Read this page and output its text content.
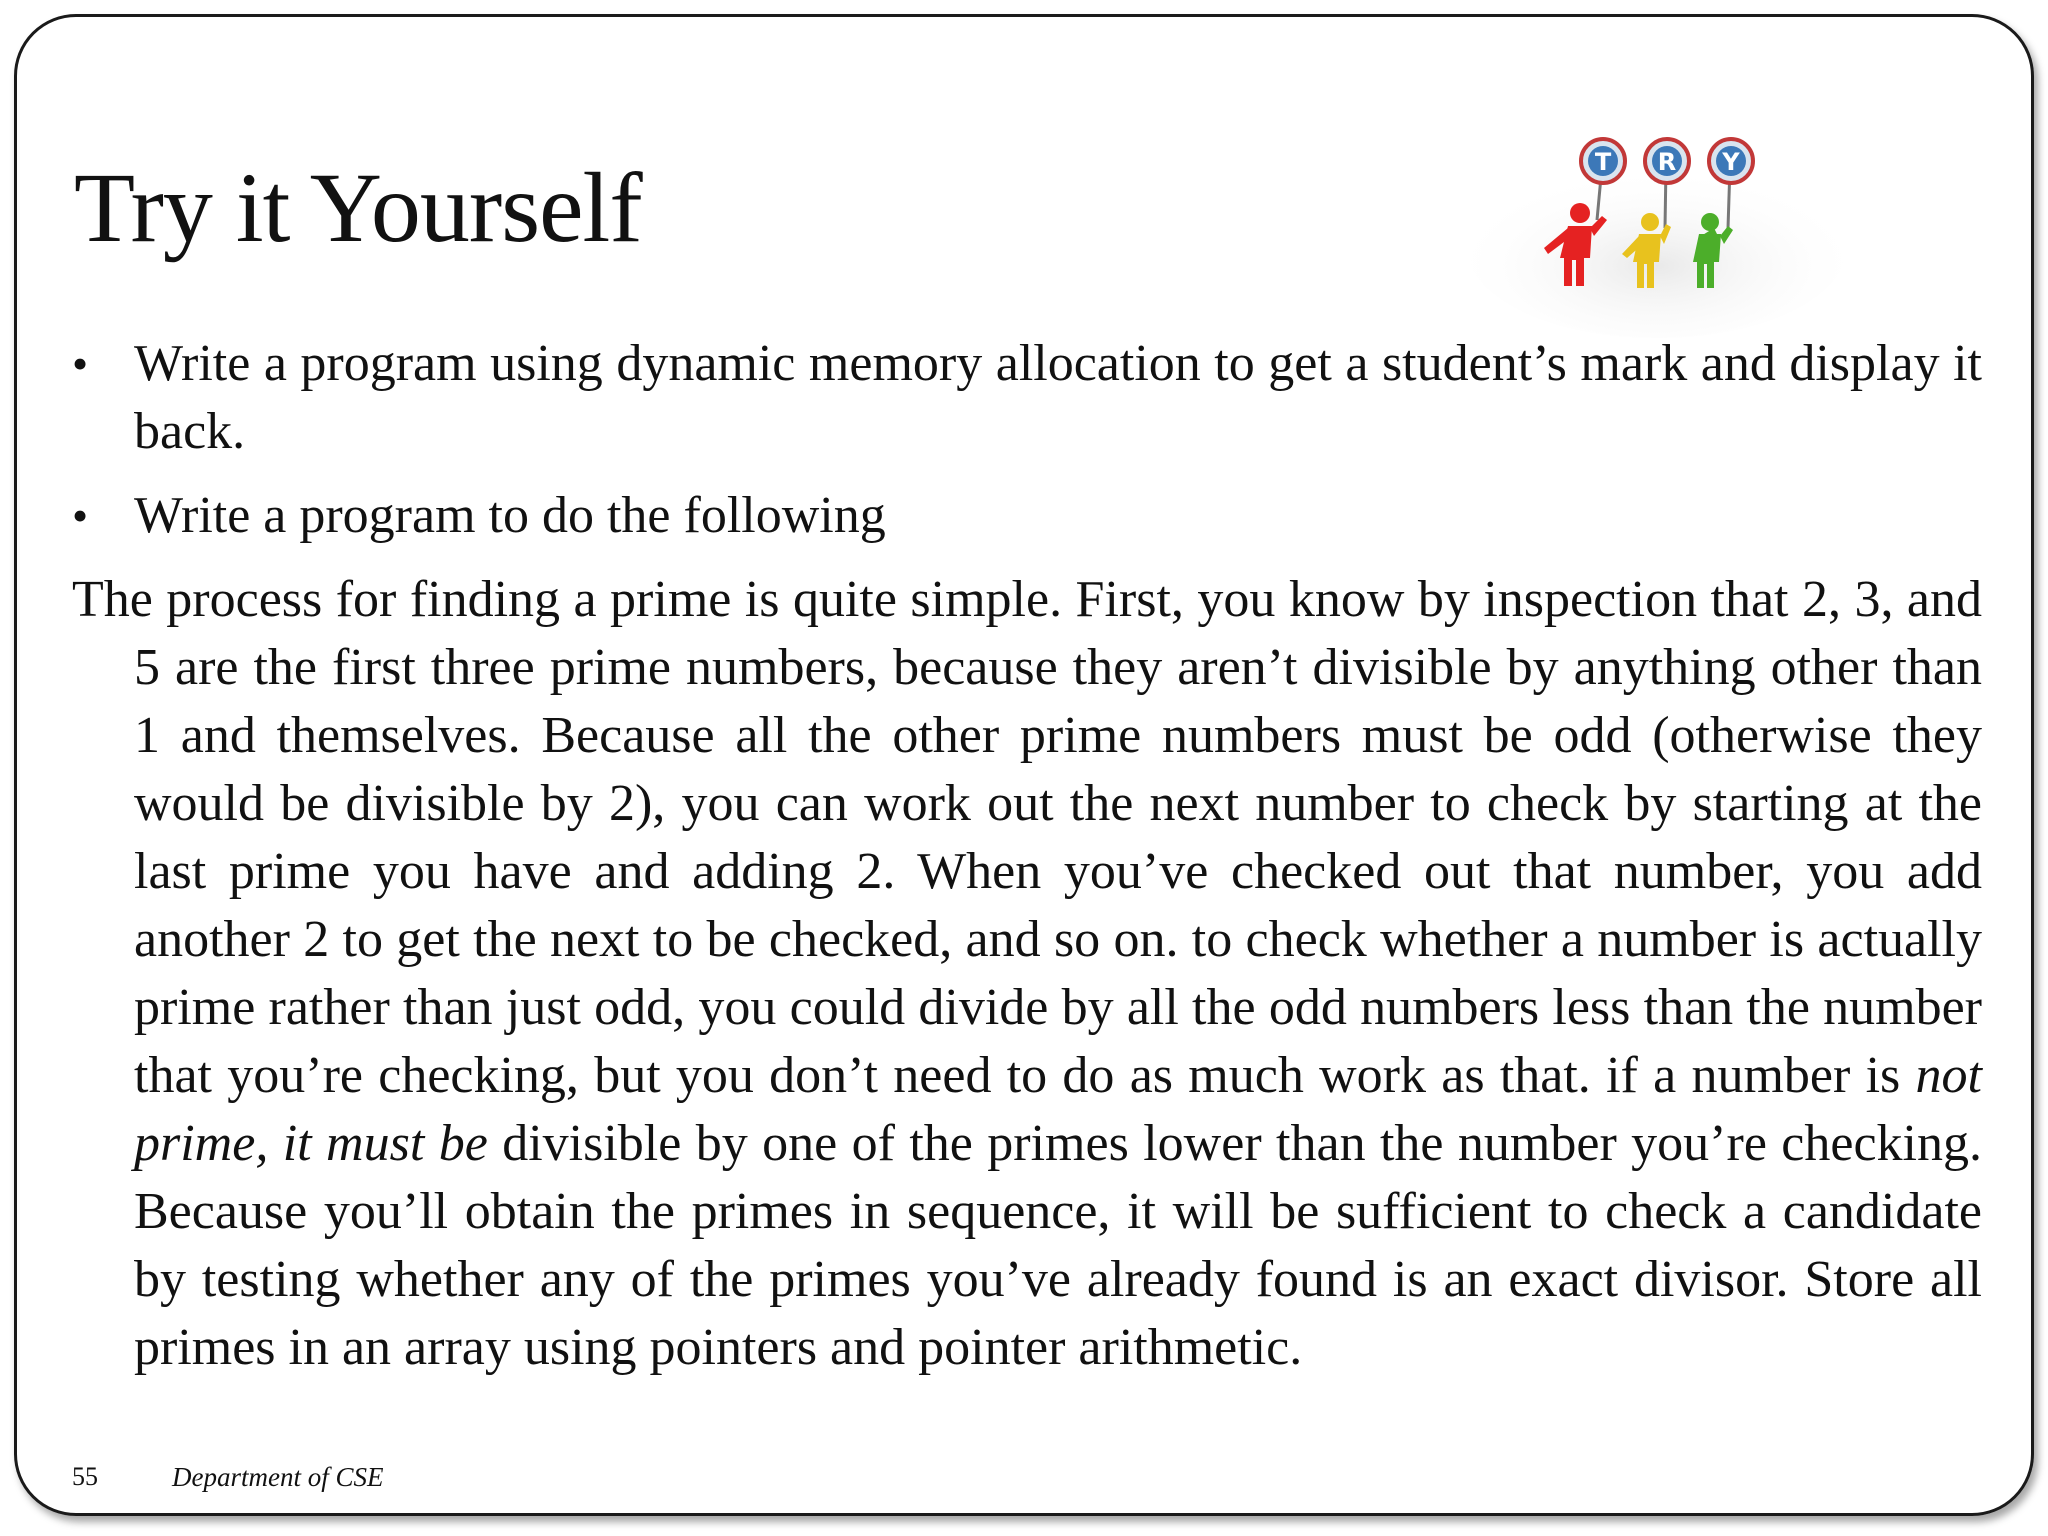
Try it Yourself	T R Y
• Write a program using dynamic memory allocation to get a student’s mark and display it back.
• Write a program to do the following

The process for finding a prime is quite simple. First, you know by inspection that 2, 3, and 5 are the first three prime numbers, because they aren’t divisible by anything other than 1 and themselves. Because all the other prime numbers must be odd (otherwise they would be divisible by 2), you can work out the next number to check by starting at the last prime you have and adding 2. When you’ve checked out that number, you add another 2 to get the next to be checked, and so on. to check whether a number is actually prime rather than just odd, you could divide by all the odd numbers less than the number that you’re checking, but you don’t need to do as much work as that. if a number is not prime, it must be divisible by one of the primes lower than the number you’re checking. Because you’ll obtain the primes in sequence, it will be sufficient to check a candidate by testing whether any of the primes you’ve already found is an exact divisor. Store all primes in an array using pointers and pointer arithmetic.

55	Department of CSE
